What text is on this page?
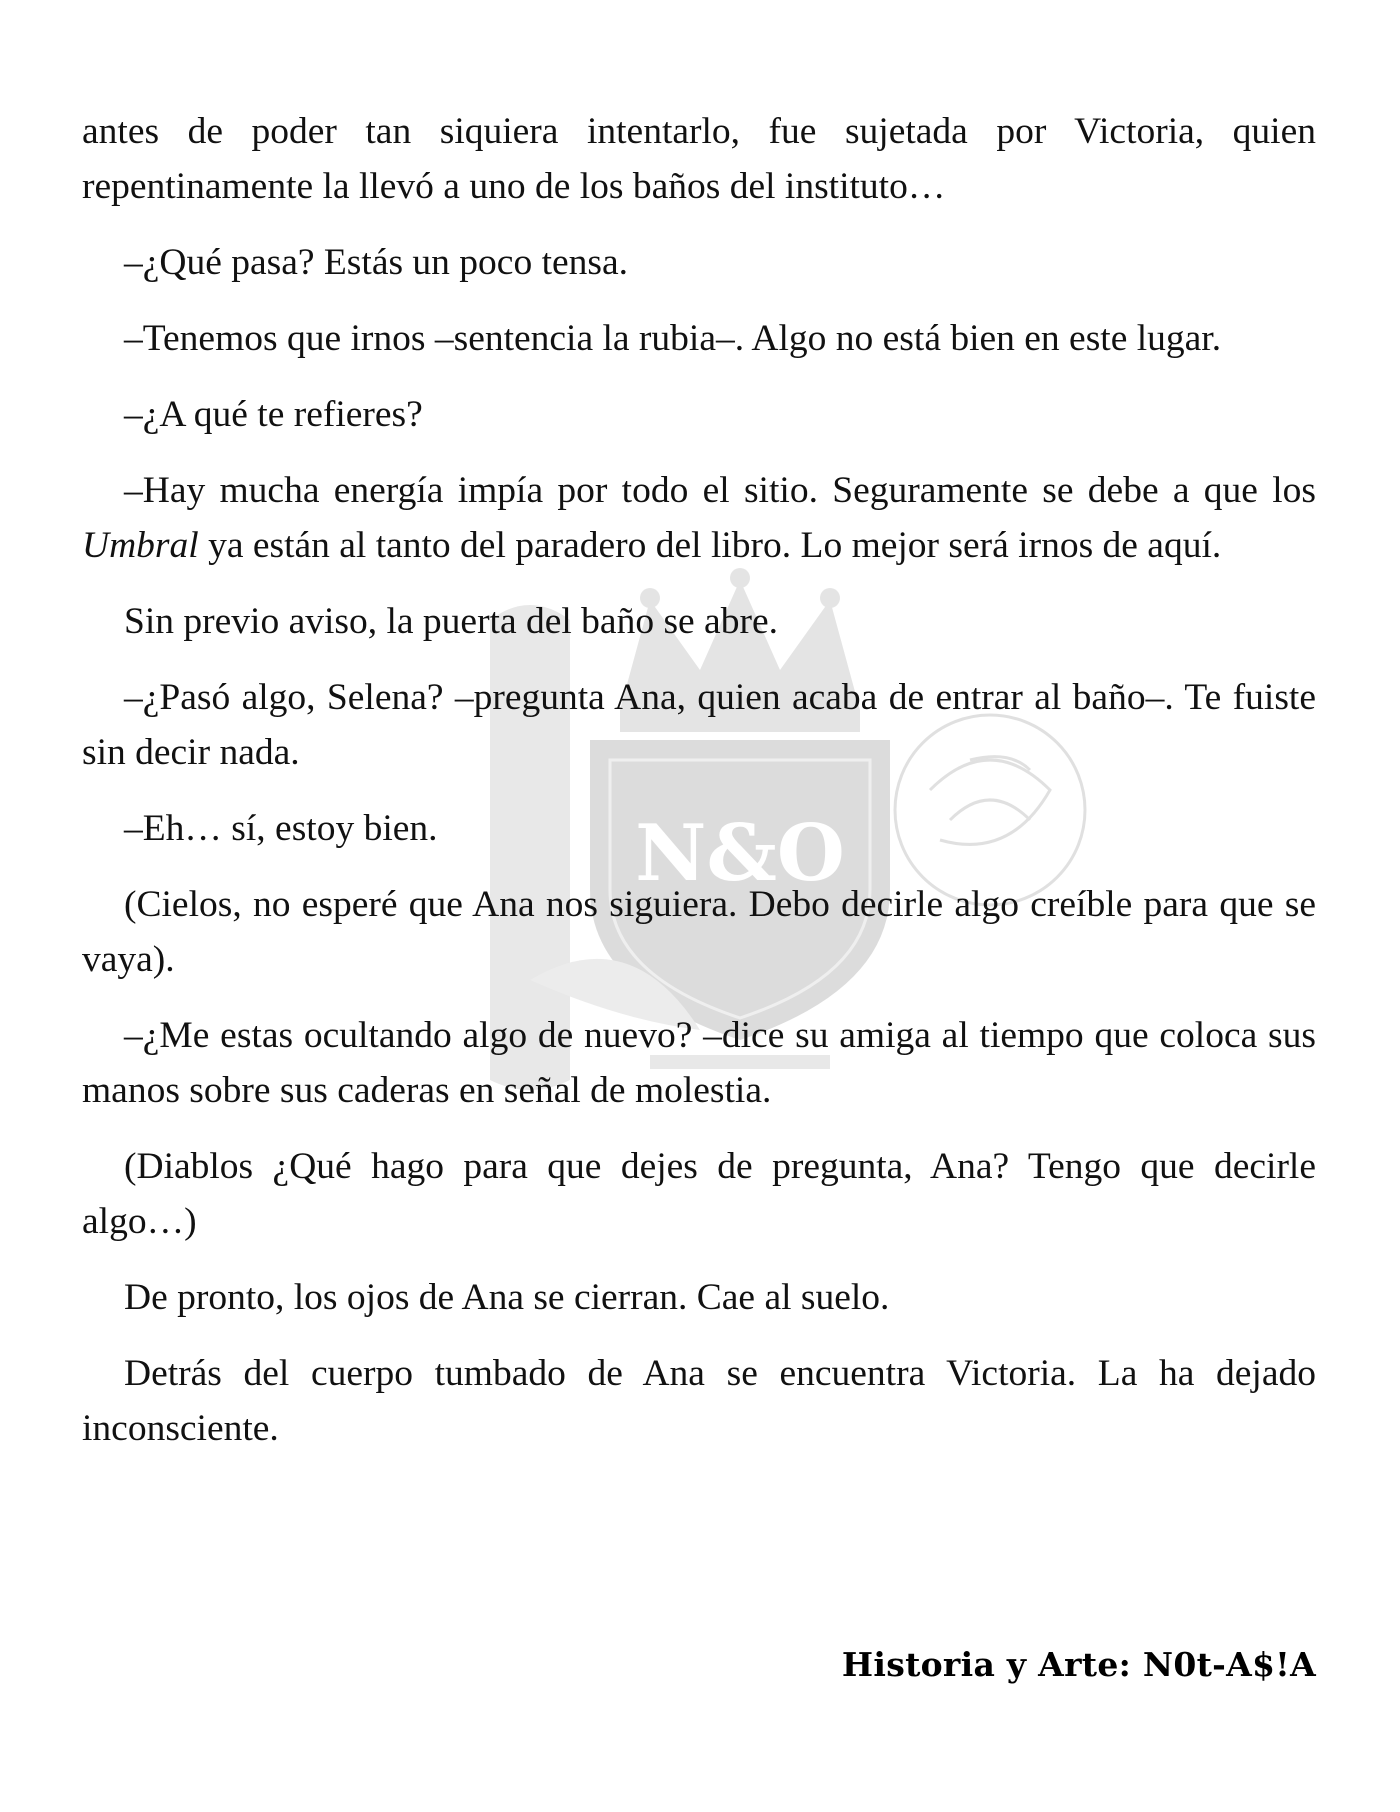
N&O

antes de poder tan siquiera intentarlo, fue sujetada por Victoria, quien repentinamente la llevó a uno de los baños del instituto…

–¿Qué pasa? Estás un poco tensa.

–Tenemos que irnos –sentencia la rubia–. Algo no está bien en este lugar.

–¿A qué te refieres?

–Hay mucha energía impía por todo el sitio. Seguramente se debe a que los Umbral ya están al tanto del paradero del libro. Lo mejor será irnos de aquí.

Sin previo aviso, la puerta del baño se abre.

–¿Pasó algo, Selena? –pregunta Ana, quien acaba de entrar al baño–. Te fuiste sin decir nada.

–Eh… sí, estoy bien.

(Cielos, no esperé que Ana nos siguiera. Debo decirle algo creíble para que se vaya).

–¿Me estas ocultando algo de nuevo? –dice su amiga al tiempo que coloca sus manos sobre sus caderas en señal de molestia.

(Diablos ¿Qué hago para que dejes de pregunta, Ana? Tengo que decirle algo…)

De pronto, los ojos de Ana se cierran. Cae al suelo.

Detrás del cuerpo tumbado de Ana se encuentra Victoria. La ha dejado inconsciente.

Historia y Arte: N0t-A$!A
